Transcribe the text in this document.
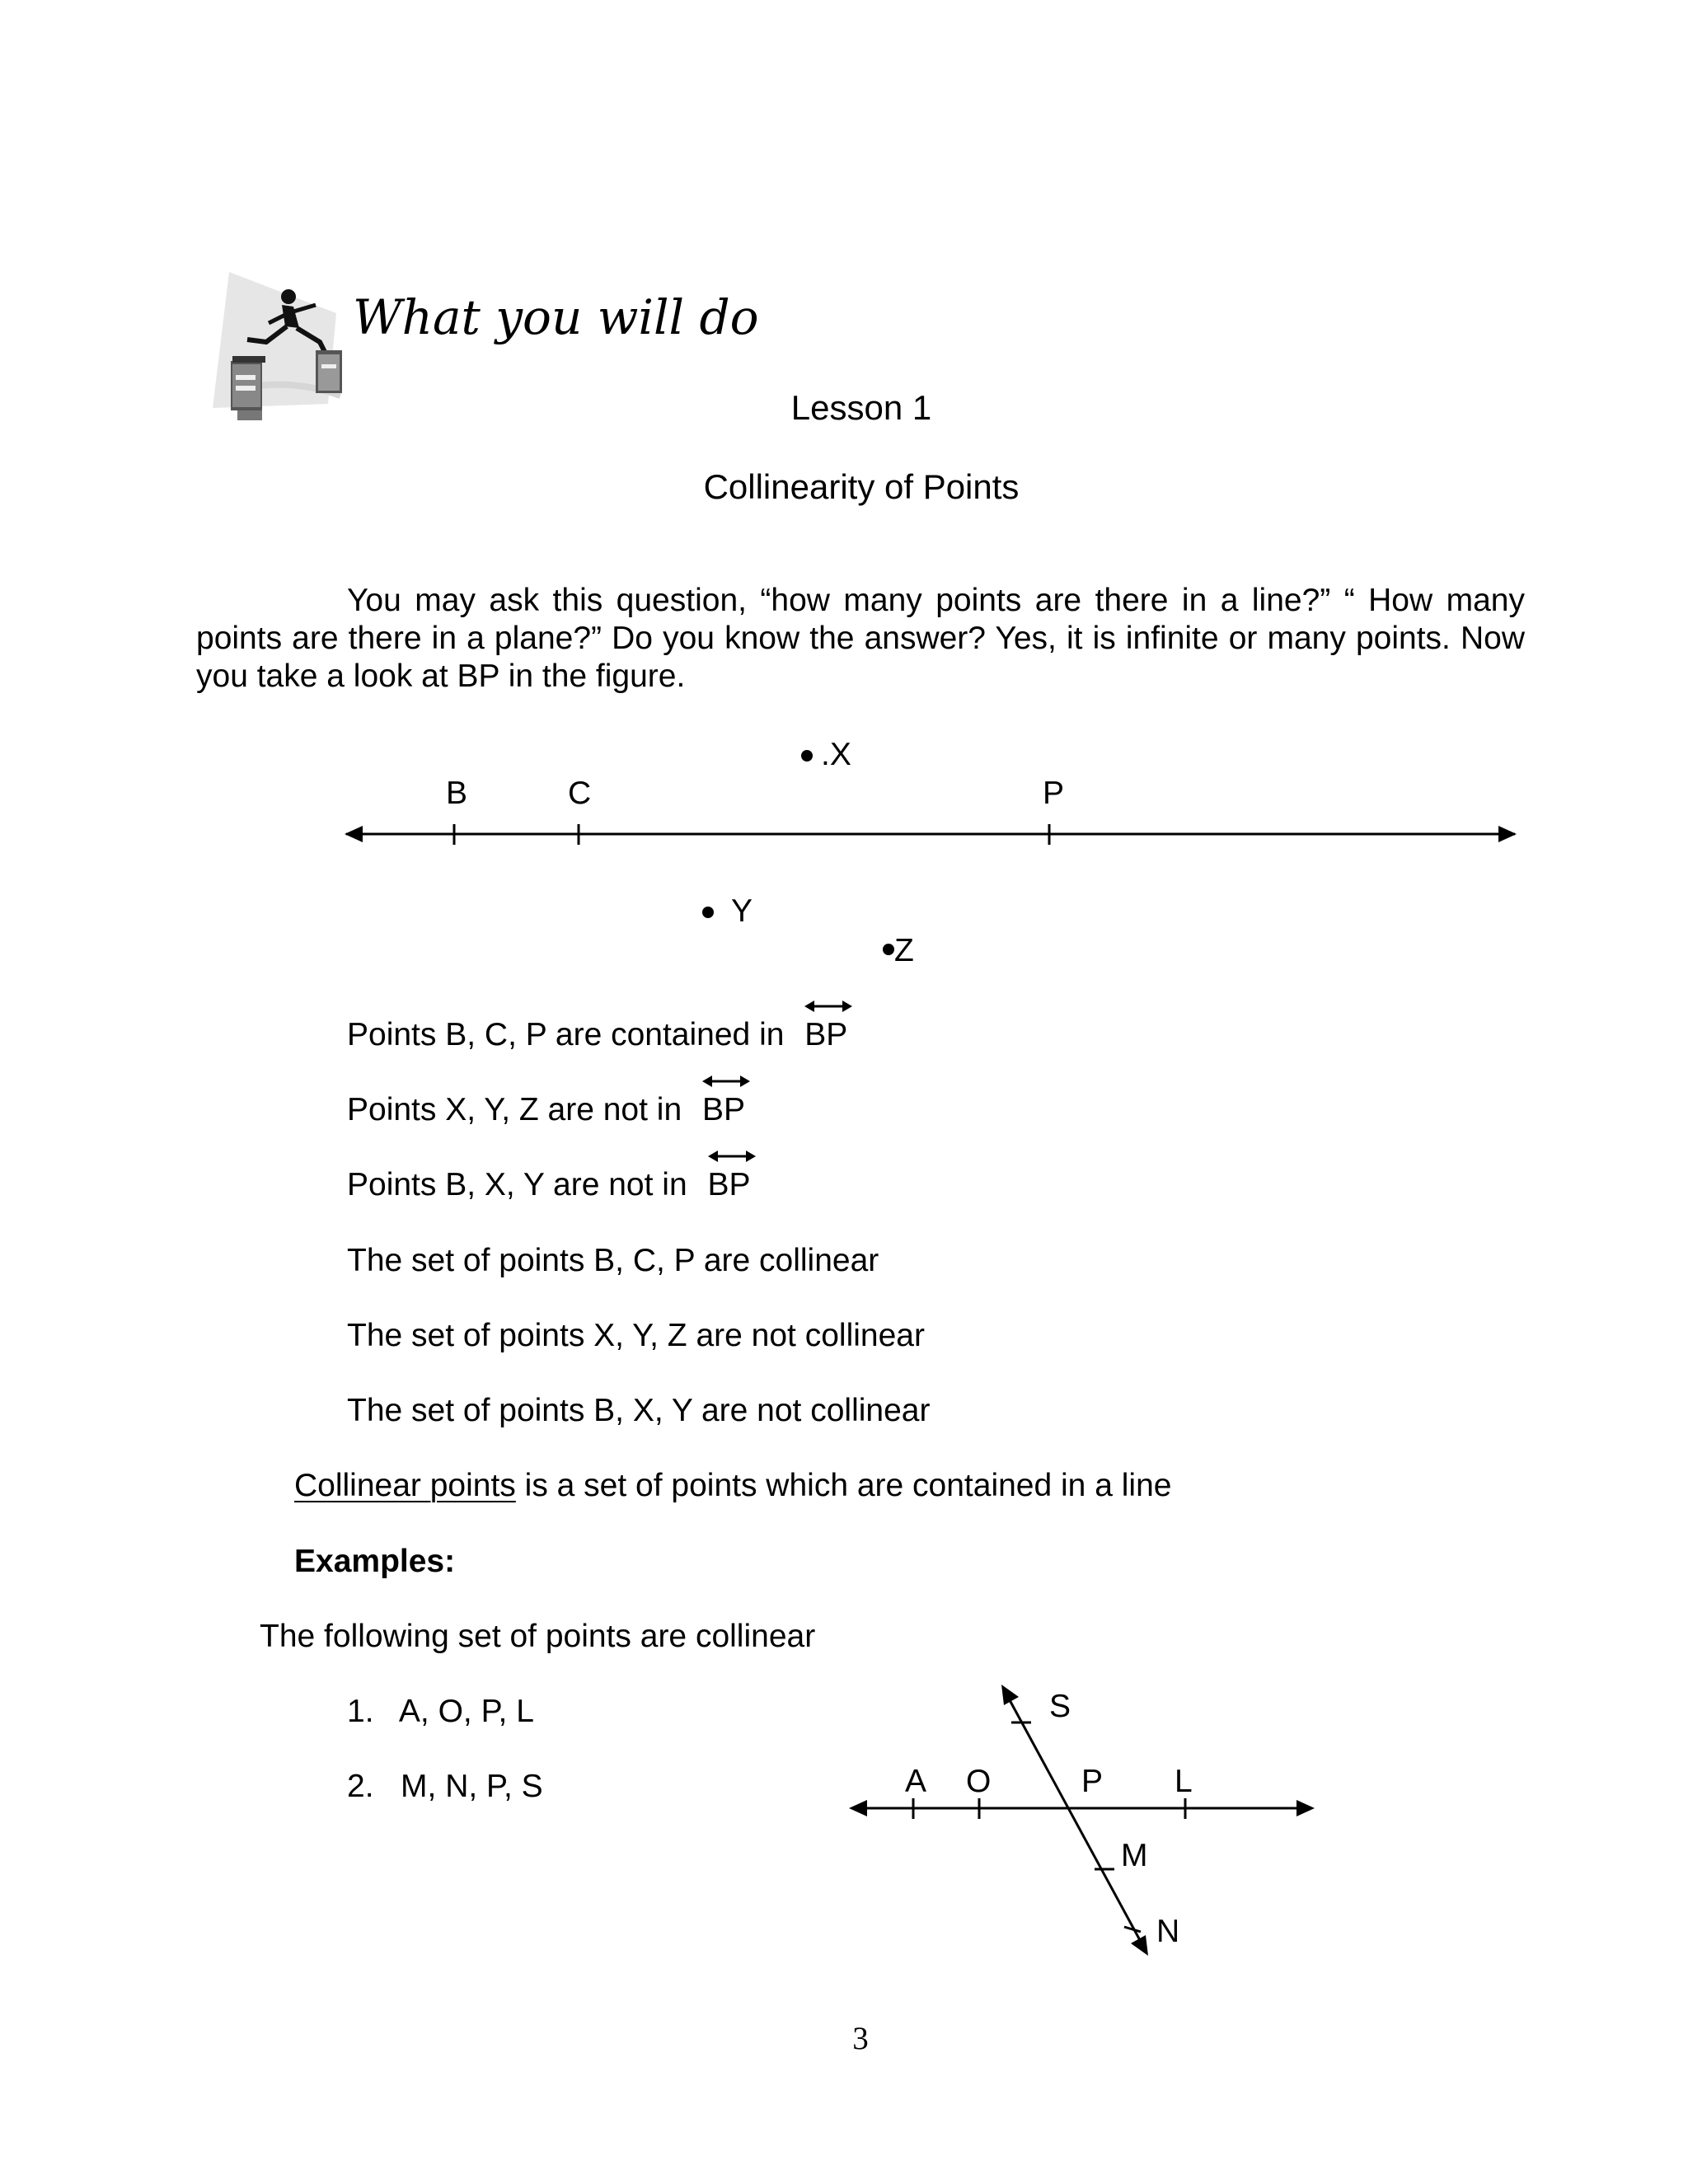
What you will do
Lesson 1
Collinearity of Points
You may ask this question, “how many points are there in a line?” “ How many points are there in a plane?” Do you know the answer? Yes, it is infinite or many points. Now you take a look at BP in the figure.
B	C	P
.X
Y
Z
Points B, C, P are contained in BP
Points X, Y, Z are not in BP
Points B, X, Y are not in BP
The set of points B, C, P are collinear
The set of points X, Y, Z are not collinear
The set of points B, X, Y are not collinear
Collinear points is a set of points which are contained in a line
Examples:
The following set of points are collinear
1.   A, O, P, L
2.   M, N, P, S	A O	P L
S
M
N
3
